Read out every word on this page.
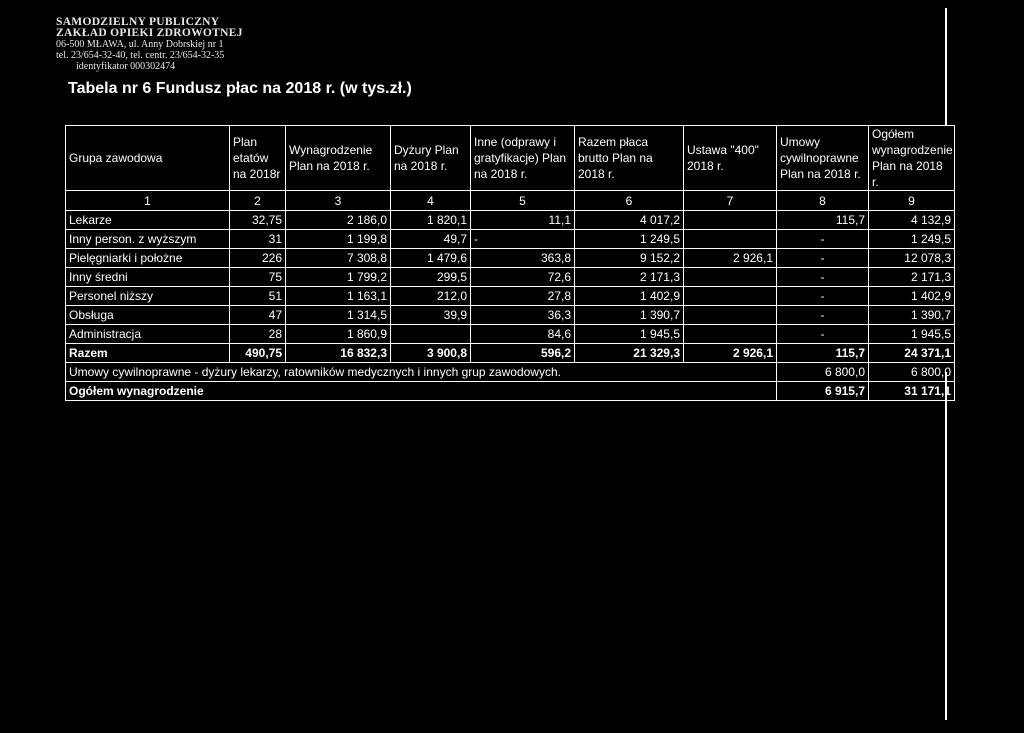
SAMODZIELNY PUBLICZNY
ZAKŁAD OPIEKI ZDROWOTNEJ
06-500 MŁAWA, ul. Anny Dobrskiej nr 1
tel. 23/654-32-40, tel. centr. 23/654-32-35
identyfikator 000302474
Tabela nr 6 Fundusz płac na 2018 r. (w tys.zł.)
Grupa zawodowa	Plan etatów na 2018r	Wynagrodzenie Plan na 2018 r.	Dyżury Plan na 2018 r.	Inne (odprawy i gratyfikacje) Plan na 2018 r.	Razem płaca brutto Plan na 2018 r.	Ustawa "400" 2018 r.	Umowy cywilnoprawne Plan na 2018 r.	Ogółem wynagrodzenie Plan na 2018 r.
1	2	3	4	5	6	7	8	9
Lekarze	32,75	2 186,0	1 820,1	11,1	4 017,2		115,7	4 132,9
Inny person. z wyższym	31	1 199,8	49,7	-	1 249,5		-	1 249,5
Pielęgniarki i położne	226	7 308,8	1 479,6	363,8	9 152,2	2 926,1	-	12 078,3
Inny średni	75	1 799,2	299,5	72,6	2 171,3		-	2 171,3
Personel niższy	51	1 163,1	212,0	27,8	1 402,9		-	1 402,9
Obsługa	47	1 314,5	39,9	36,3	1 390,7		-	1 390,7
Administracja	28	1 860,9		84,6	1 945,5		-	1 945,5
Razem	490,75	16 832,3	3 900,8	596,2	21 329,3	2 926,1	115,7	24 371,1
Umowy cywilnoprawne - dyżury lekarzy, ratowników medycznych i innych grup zawodowych.							6 800,0	6 800,0
Ogółem wynagrodzenie							6 915,7	31 171,1
